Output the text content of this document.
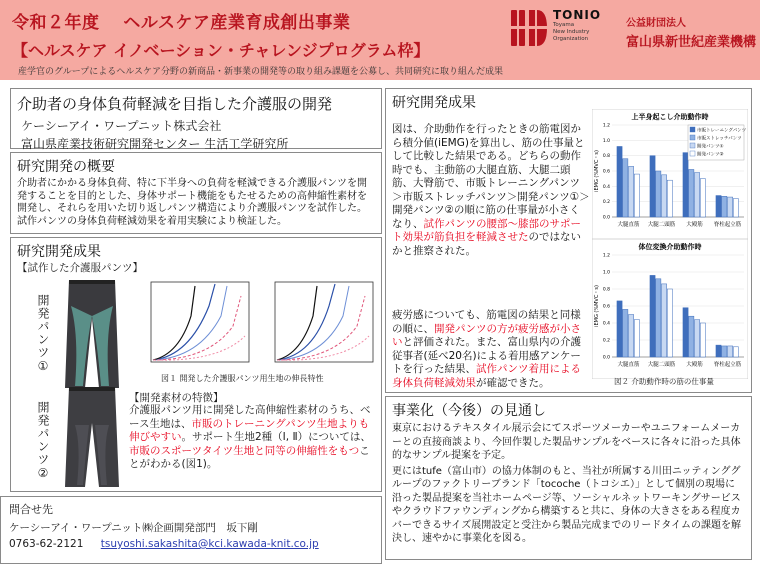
令和２年度　 ヘルスケア産業育成創出事業
【ヘルスケア イノベーション・チャレンジプログラム枠】
産学官のグループによるヘルスケア分野の新商品・新事業の開発等の取り組み課題を公募し、共同研究に取り組んだ成果
TONIO
Toyama
New Industry
Organization
公益財団法人
富山県新世紀産業機構
介助者の身体負荷軽減を目指した介護服の開発
ケーシーアイ・ワープニット株式会社
富山県産業技術研究開発センター 生活工学研究所
研究開発の概要
介助者にかかる身体負荷、特に下半身への負荷を軽減できる介護服パンツを開発することを目的とした、身体サポート機能をもたせるための高伸縮性素材を開発し、それらを用いた切り返しパンツ構造により介護服パンツを試作した。試作パンツの身体負荷軽減効果を着用実験により検証した。
研究開発成果
【試作した介護服パンツ】
開発パンツ①
開発パンツ②
図１ 開発した介護服パンツ用生地の伸長特性
【開発素材の特徴】
介護服パンツ用に開発した高伸縮性素材のうち、ベース生地は、市販のトレーニングパンツ生地よりも伸びやすい。サポート生地2種（Ⅰ, Ⅱ）については、市販のスポーツタイツ生地と同等の伸縮性をもつことがわかる(図1)。
問合せ先
ケーシーアイ・ワープニット㈱企画開発部門　坂下剛
0763-62-2121 tsuyoshi.sakashita@kci.kawada-knit.co.jp
研究開発成果
図は、介助動作を行ったときの筋電図から積分値(iEMG)を算出し、筋の仕事量として比較した結果である。どちらの動作時でも、主動筋の大腿直筋、大腿二頭筋、大臀筋で、市販トレーニングパンツ＞市販ストレッチパンツ＞開発パンツ①＞開発パンツ②の順に筋の仕事量が小さくなり、試作パンツの腰部～膝部のサポート効果が筋負担を軽減させたのではないかと推察された。
疲労感についても、筋電図の結果と同様の順に、開発パンツの方が疲労感が小さいと評価された。また、富山県内の介護従事者(延べ20名)による着用感アンケートを行った結果、試作パンツ着用による身体負荷軽減効果が確認できた。
上半身起こし介助動作時
iEMG (%MVC・s)
0.0
0.2
0.4
0.6
0.8
1.0
1.2
大腿直筋 大腿二頭筋 大殿筋 脊柱起立筋
市販トレーニングパンツ
市販ストレッチパンツ
開発パンツ①
開発パンツ②
体位変換介助動作時
iEMG (%MVC・s)
0.0
0.2
0.4
0.6
0.8
1.0
1.2
大腿直筋 大腿二頭筋 大殿筋 脊柱起立筋
図２ 介助動作時の筋の仕事量
事業化（今後）の見通し
東京におけるテキスタイル展示会にてスポーツメーカーやユニフォームメーカーとの直接商談より、今回作製した製品サンプルをベースに各々に沿った具体的なサンプル提案を予定。
更にはtufe（富山市）の協力体制のもと、当社が所属する川田ニッティンググループのファクトリーブランド「tocoche（トコシエ）」として個別の現場に沿った製品提案を当社ホームページ等、ソーシャルネットワーキングサービスやクラウドファウンディングから構築すると共に、身体の大きさをある程度カバーできるサイズ展開設定と受注から製品完成までのリードタイムの課題を解決し、速やかに事業化を図る。
